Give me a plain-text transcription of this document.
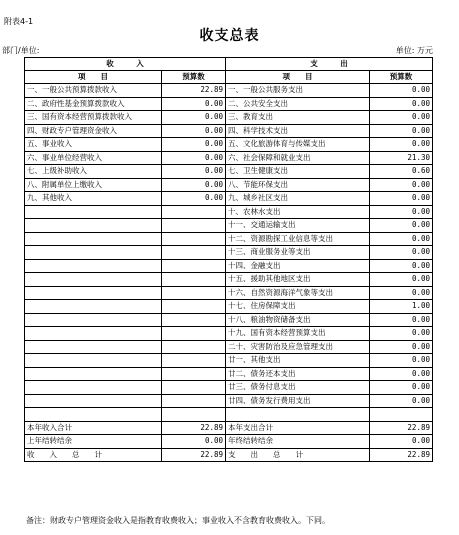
附表4-1
收支总表
部门/单位:	单位: 万元
收　　　入		支　　　出	
项　　目	预算数	项　　目	预算数
一、一般公共预算拨款收入	22.89	一、一般公共服务支出	0.00
二、政府性基金预算拨款收入	0.00	二、公共安全支出	0.00
三、国有资本经营预算拨款收入	0.00	三、教育支出	0.00
四、财政专户管理资金收入	0.00	四、科学技术支出	0.00
五、事业收入	0.00	五、文化旅游体育与传媒支出	0.00
六、事业单位经营收入	0.00	六、社会保障和就业支出	21.30
七、上级补助收入	0.00	七、卫生健康支出	0.60
八、附属单位上缴收入	0.00	八、节能环保支出	0.00
九、其他收入	0.00	九、城乡社区支出	0.00
		十、农林水支出	0.00
		十一、交通运输支出	0.00
		十二、资源勘探工业信息等支出	0.00
		十三、商业服务业等支出	0.00
		十四、金融支出	0.00
		十五、援助其他地区支出	0.00
		十六、自然资源海洋气象等支出	0.00
		十七、住房保障支出	1.00
		十八、粮油物资储备支出	0.00
		十九、国有资本经营预算支出	0.00
		二十、灾害防治及应急管理支出	0.00
		廿一、其他支出	0.00
		廿二、债务还本支出	0.00
		廿三、债务付息支出	0.00
		廿四、债务发行费用支出	0.00

本年收入合计	22.89	本年支出合计	22.89
上年结转结余	0.00	年终结转结余	0.00
收　　入　　总　　计	22.89	支　　出　　总　　计	22.89
备注：财政专户管理资金收入是指教育收费收入；事业收入不含教育收费收入。下同。
